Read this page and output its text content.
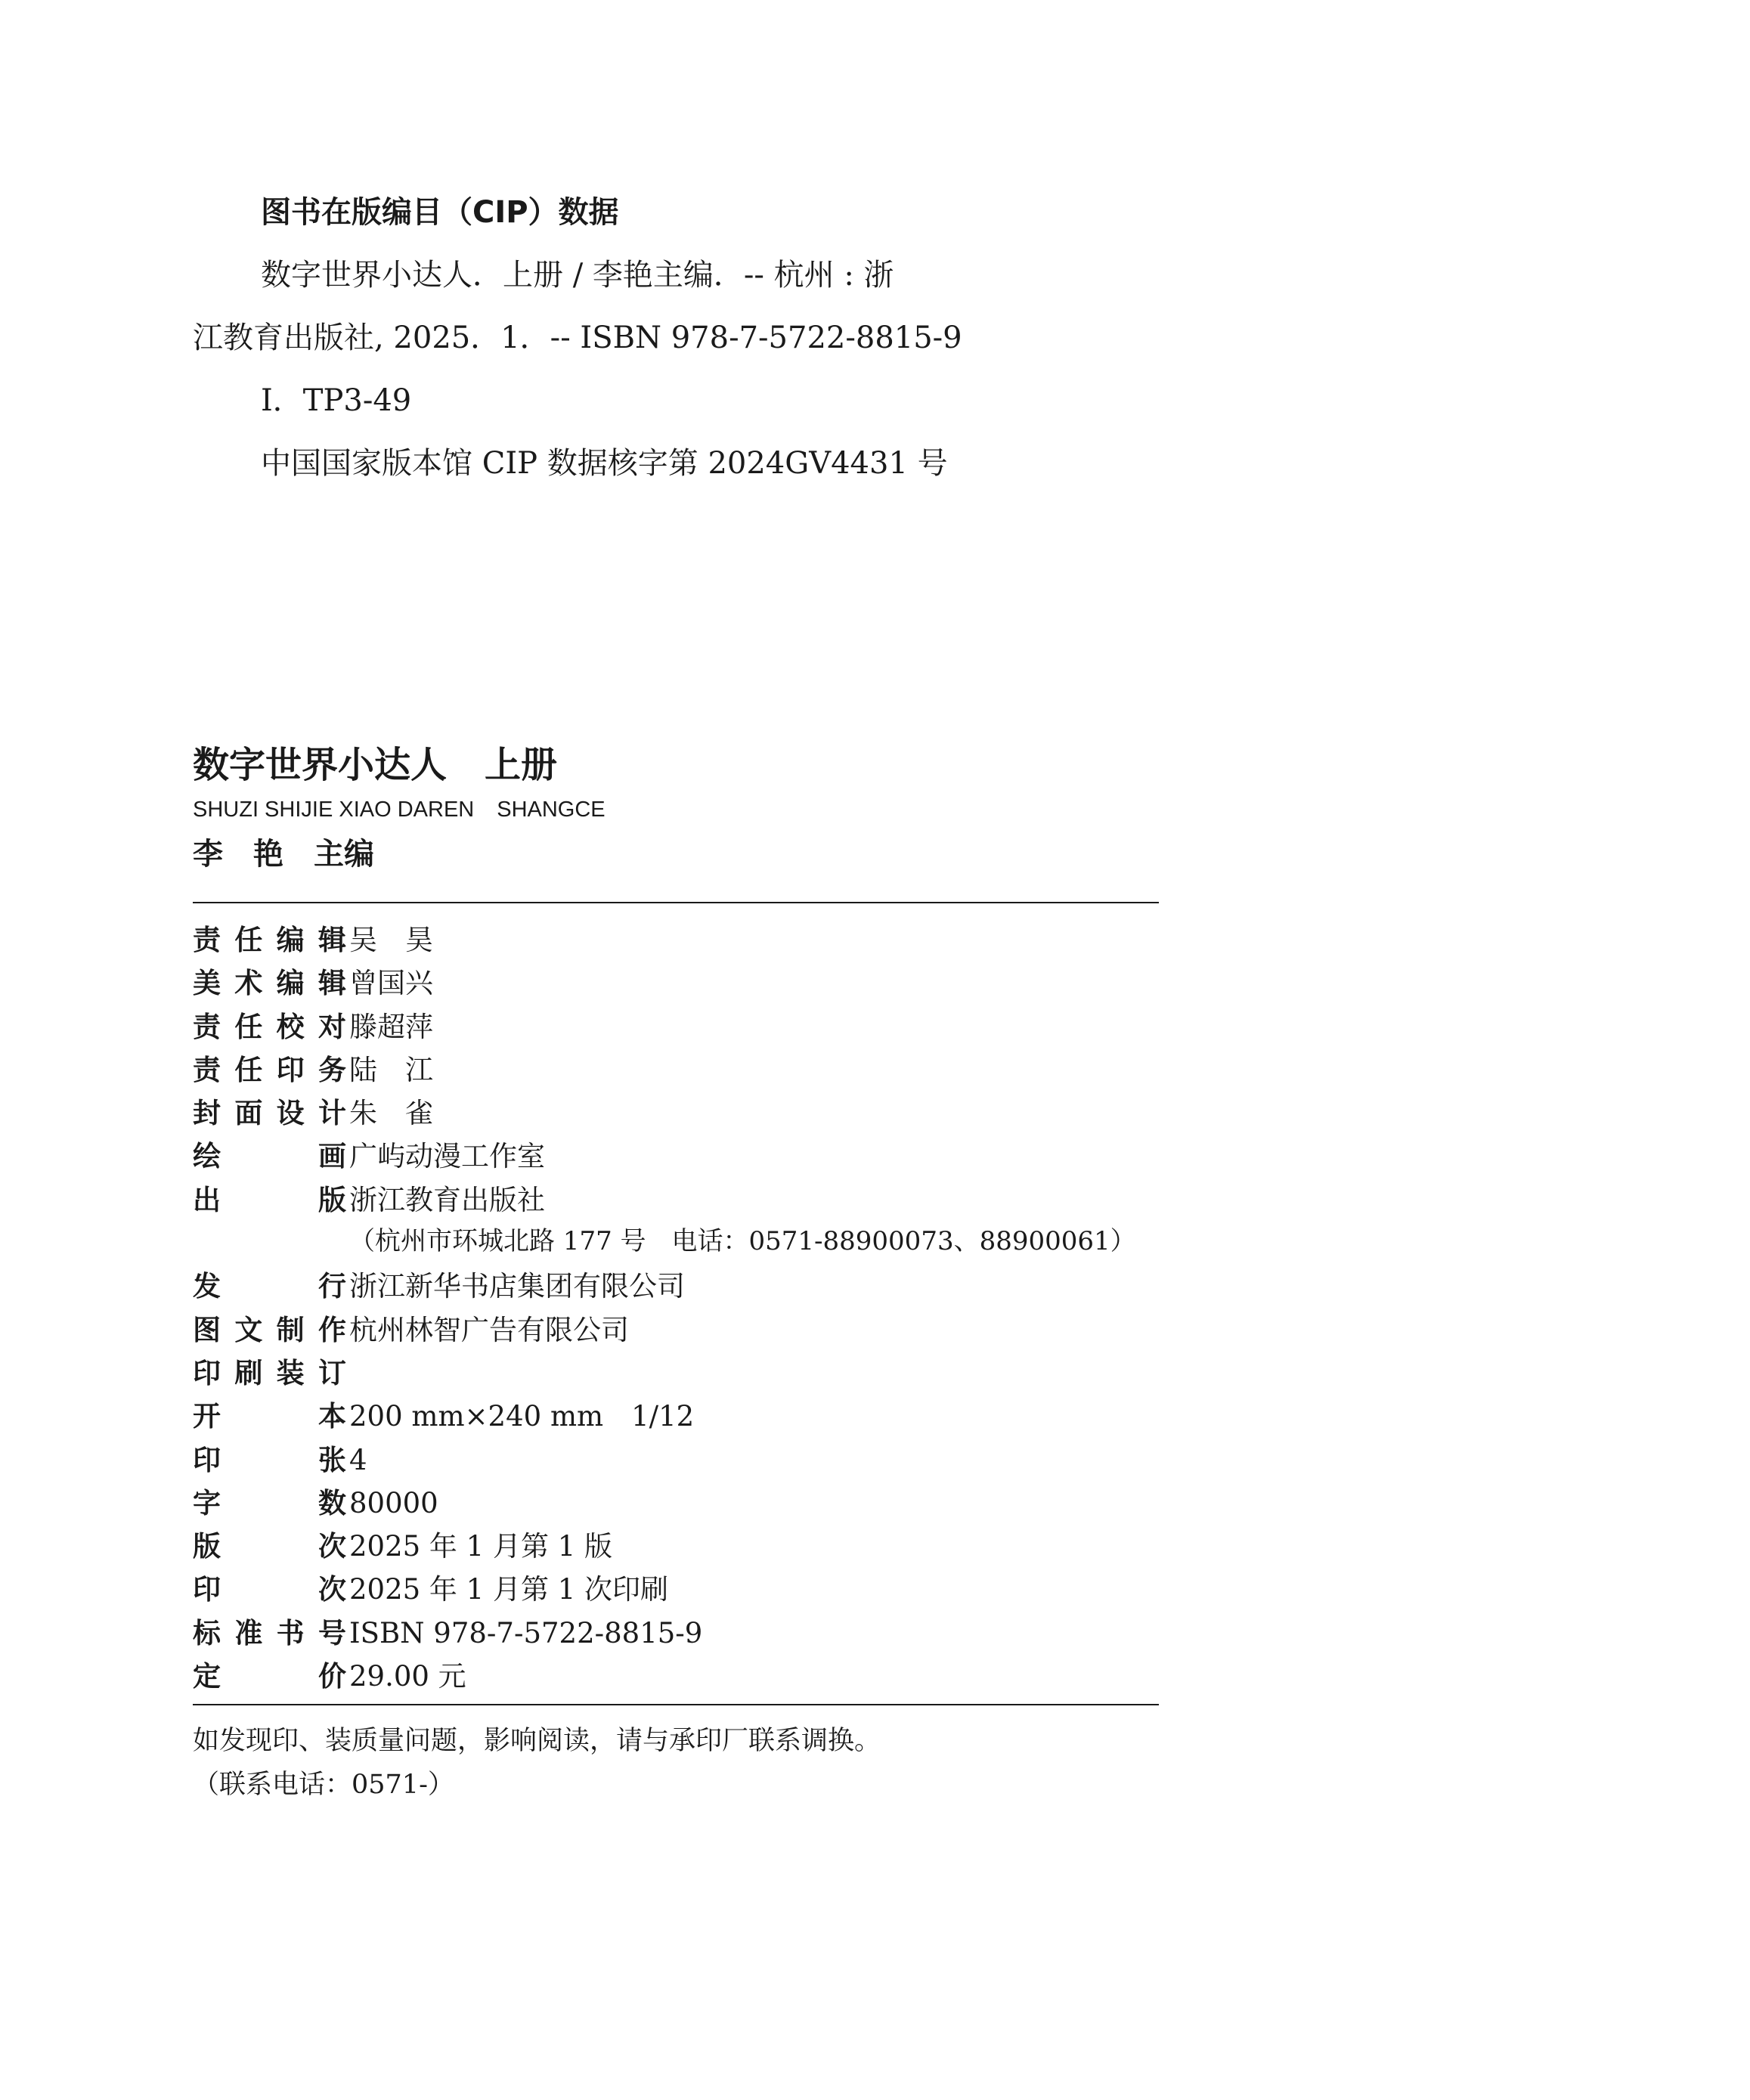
图书在版编目（CIP）数据
数字世界小达人．上册 / 李艳主编．-- 杭州 : 浙
江教育出版社, 2025．1．-- ISBN 978-7-5722-8815-9
Ⅰ．TP3-49
中国国家版本馆 CIP 数据核字第 2024GV4431 号
数字世界小达人 上册
SHUZI SHIJIE XIAO DAREN SHANGCE
李　艳　主编
责任编辑 吴　昊
美术编辑 曾国兴
责任校对 滕超萍
责任印务 陆　江
封面设计 朱　雀
绘画 广屿动漫工作室
出版 浙江教育出版社
（杭州市环城北路 177 号　电话：0571-88900073、88900061）
发行 浙江新华书店集团有限公司
图文制作 杭州林智广告有限公司
印刷装订
开本 200 mm×240 mm　1/12
印张 4
字数 80000
版次 2025 年 1 月第 1 版
印次 2025 年 1 月第 1 次印刷
标准书号 ISBN 978-7-5722-8815-9
定价 29.00 元
如发现印、装质量问题，影响阅读，请与承印厂联系调换。
（联系电话：0571-）
